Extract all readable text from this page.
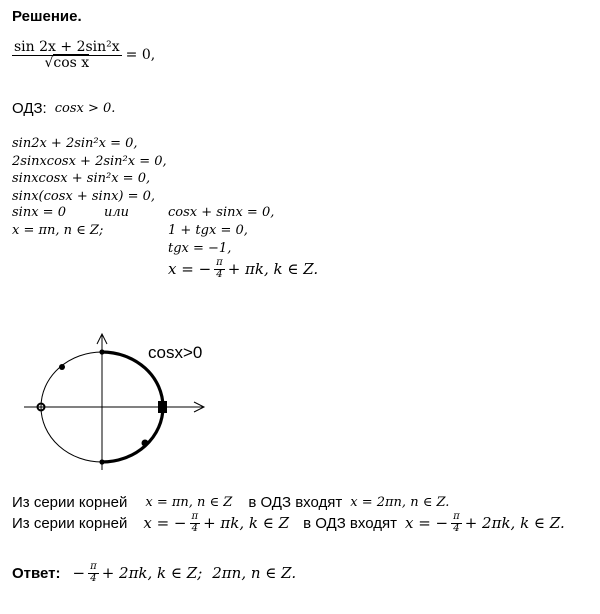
Решение.
$\frac{\text{sin 2x + 2sin²x}}{\text{√cos x}} = 0$,
ОДЗ: cosx > 0.
sin2x + 2sin²x = 0,
2sinxcosx + 2sin²x = 0,
sinxcosx + sin²x = 0,
sinx(cosx + sinx) = 0,
sinx = 0	или	cosx + sinx = 0,
x = πn, n ∈ Z;	1 + tgx = 0,
tgx = −1,
x = − $\frac{\pi}{4} + \pi k$, k ∈ Z.
cosx>0
Из серии корней x = πn, n ∈ Z в ОДЗ входят x = 2πn, n ∈ Z.
Из серии корней x = − $\frac{\pi}{4} + \pi k$, k ∈ Z в ОДЗ входят x = − $\frac{\pi}{4} + 2\pi k$, k ∈ Z.
Ответ: − $\frac{\pi}{4} + 2\pi k$, k ∈ Z; 2πn, n ∈ Z.
